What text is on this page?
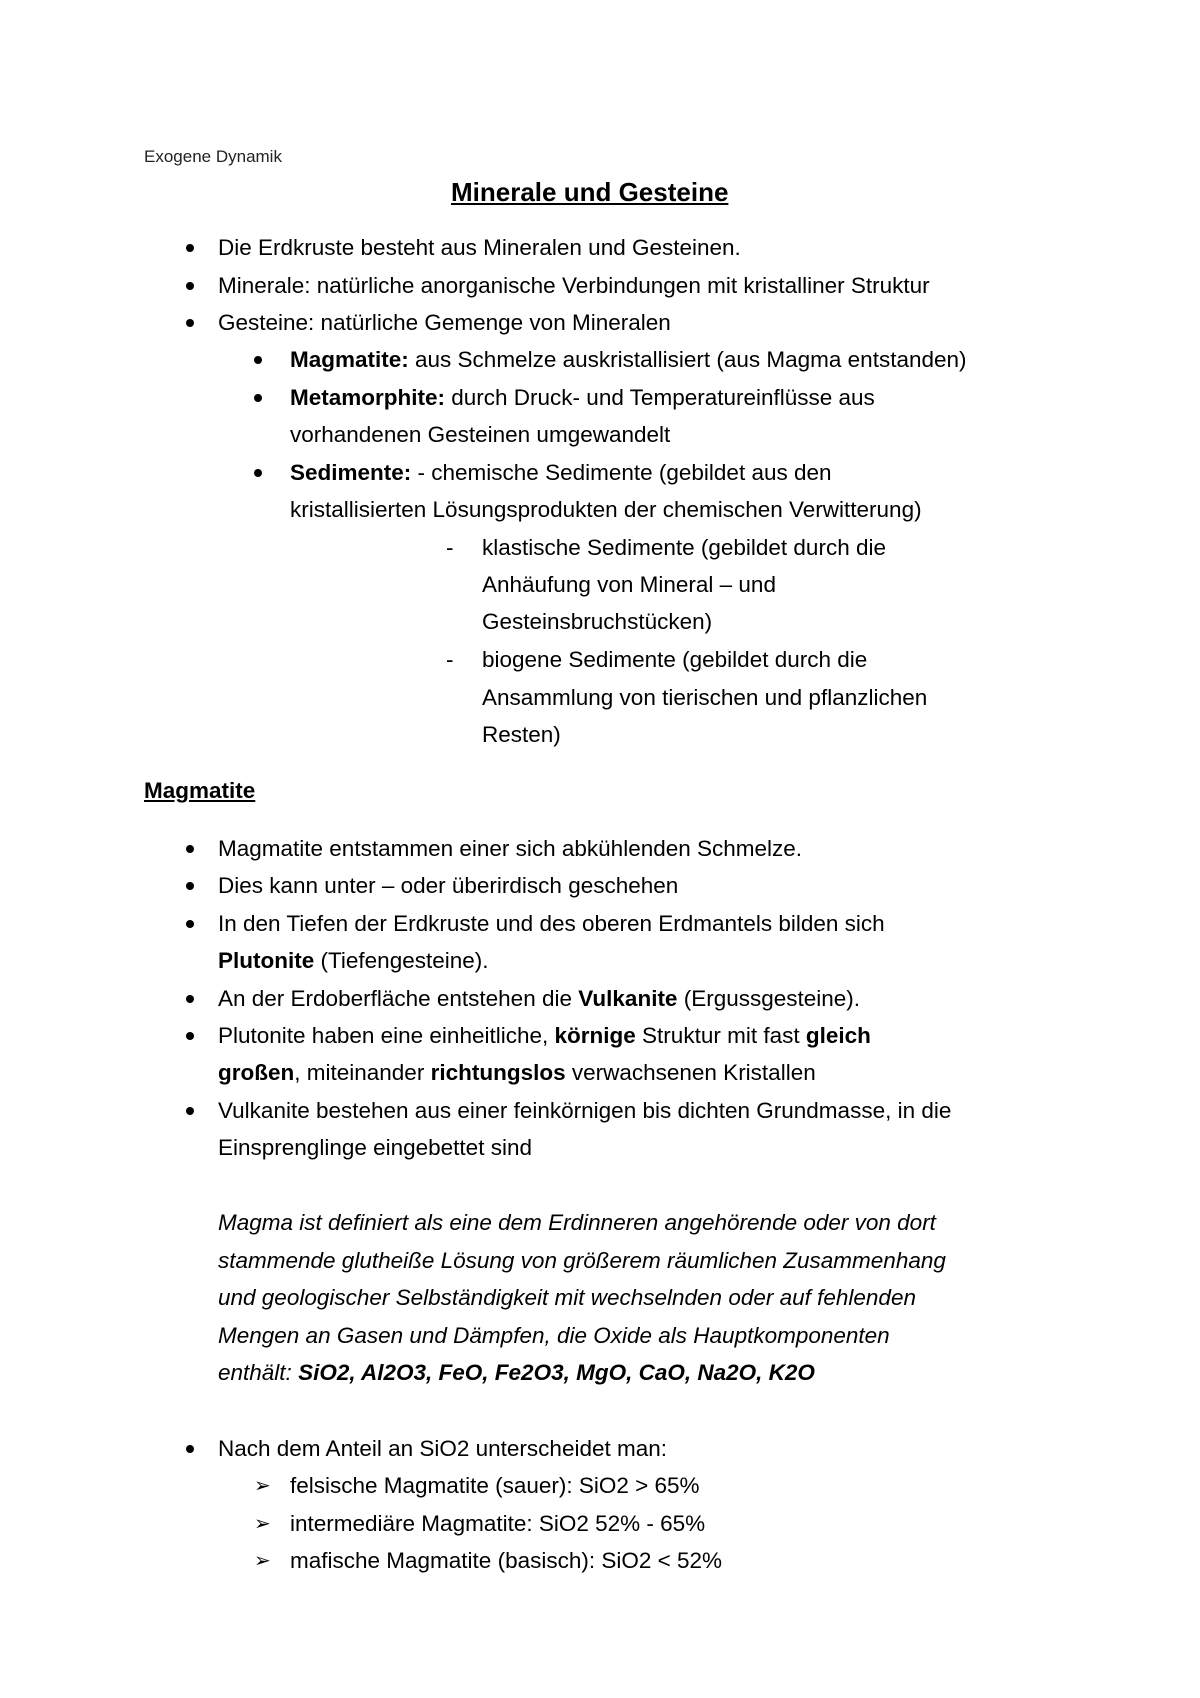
Exogene Dynamik
Minerale und Gesteine
Die Erdkruste besteht aus Mineralen und Gesteinen.
Minerale: natürliche anorganische Verbindungen mit kristalliner Struktur
Gesteine: natürliche Gemenge von Mineralen
Magmatite: aus Schmelze auskristallisiert (aus Magma entstanden)
Metamorphite: durch Druck- und Temperatureinflüsse aus
vorhandenen Gesteinen umgewandelt
Sedimente: - chemische Sedimente (gebildet aus den
kristallisierten Lösungsprodukten der chemischen Verwitterung)
- klastische Sedimente (gebildet durch die
Anhäufung von Mineral – und
Gesteinsbruchstücken)
- biogene Sedimente (gebildet durch die
Ansammlung von tierischen und pflanzlichen
Resten)
Magmatite
Magmatite entstammen einer sich abkühlenden Schmelze.
Dies kann unter – oder überirdisch geschehen
In den Tiefen der Erdkruste und des oberen Erdmantels bilden sich
Plutonite (Tiefengesteine).
An der Erdoberfläche entstehen die Vulkanite (Ergussgesteine).
Plutonite haben eine einheitliche, körnige Struktur mit fast gleich
großen, miteinander richtungslos verwachsenen Kristallen
Vulkanite bestehen aus einer feinkörnigen bis dichten Grundmasse, in die
Einsprenglinge eingebettet sind
Magma ist definiert als eine dem Erdinneren angehörende oder von dort
stammende glutheiße Lösung von größerem räumlichen Zusammenhang
und geologischer Selbständigkeit mit wechselnden oder auf fehlenden
Mengen an Gasen und Dämpfen, die Oxide als Hauptkomponenten
enthält: SiO2, Al2O3, FeO, Fe2O3, MgO, CaO, Na2O, K2O
Nach dem Anteil an SiO2 unterscheidet man:
➢ felsische Magmatite (sauer): SiO2 > 65%
➢ intermediäre Magmatite: SiO2 52% - 65%
➢ mafische Magmatite (basisch): SiO2 < 52%
